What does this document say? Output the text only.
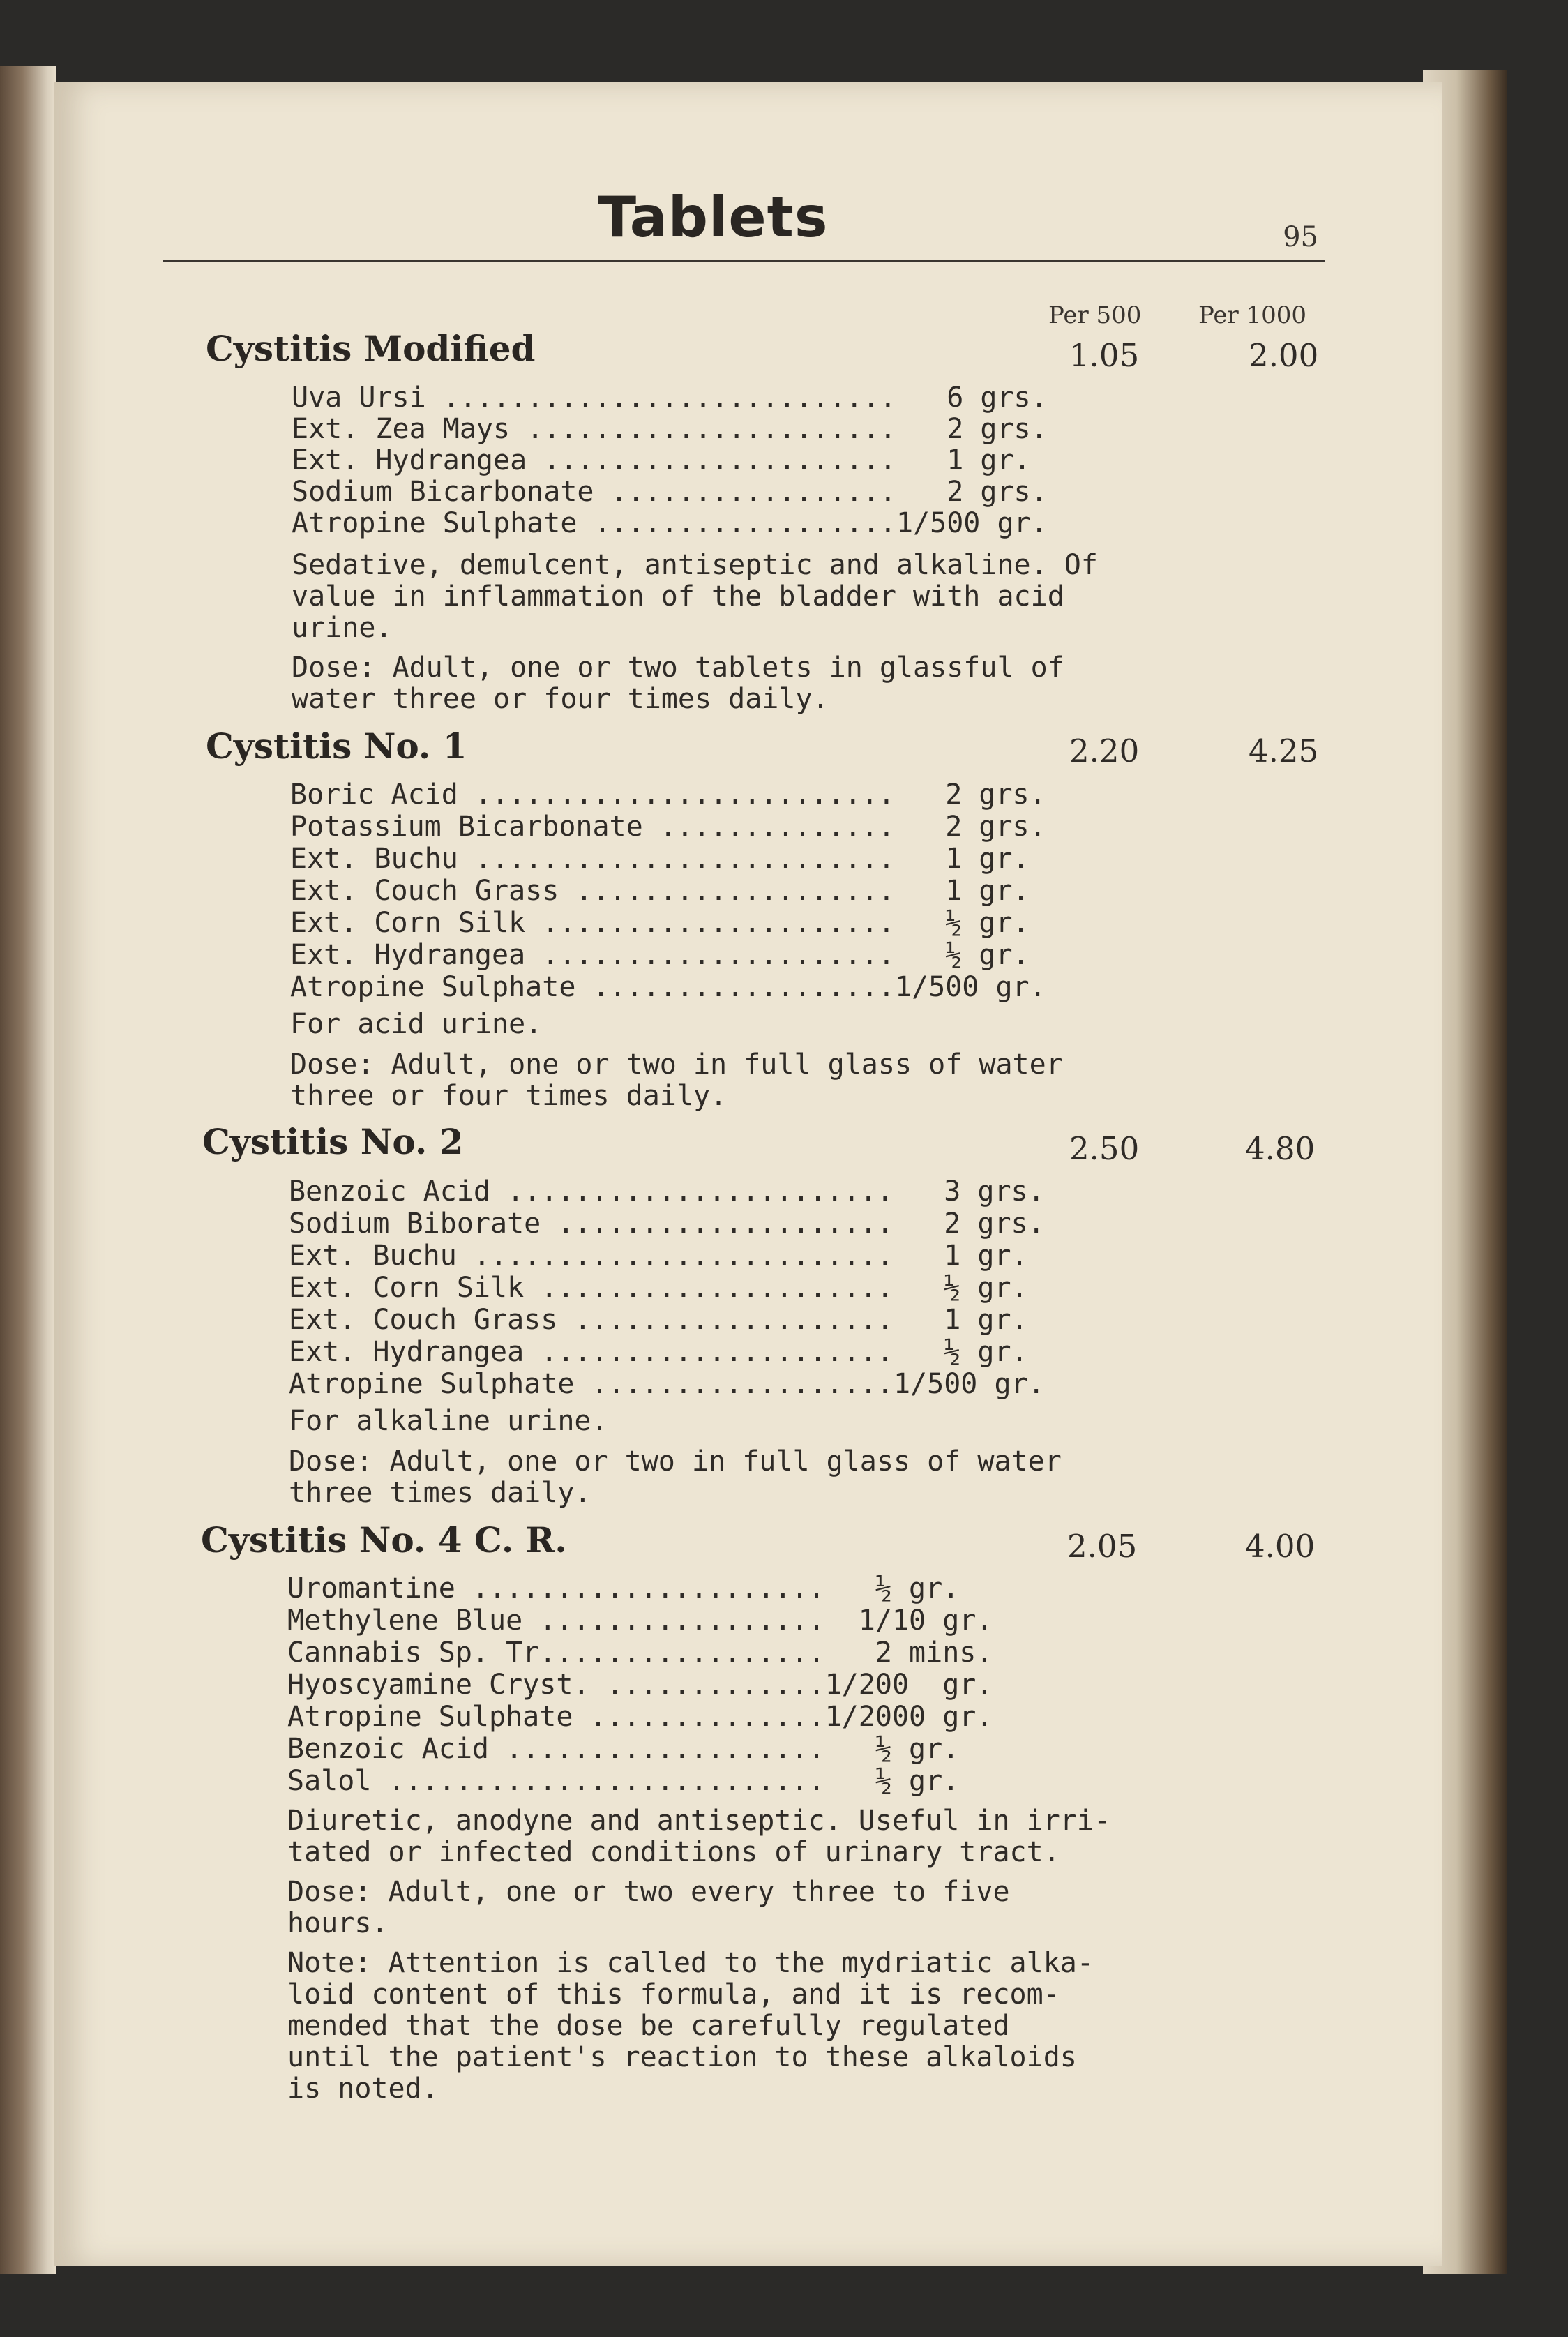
Tablets	95
Per 500 Per 1000
Cystitis Modified	1.05	2.00
Uva Ursi ...........................   6 grs.
Ext. Zea Mays ......................   2 grs.
Ext. Hydrangea .....................   1 gr.
Sodium Bicarbonate .................   2 grs.
Atropine Sulphate ..................1/500 gr.
Sedative, demulcent, antiseptic and alkaline. Of
value in inflammation of the bladder with acid
urine.
Dose: Adult, one or two tablets in glassful of
water three or four times daily.
Cystitis No. 1	2.20	4.25
Boric Acid .........................   2 grs.
Potassium Bicarbonate ..............   2 grs.
Ext. Buchu .........................   1 gr.
Ext. Couch Grass ...................   1 gr.
Ext. Corn Silk .....................   ½ gr.
Ext. Hydrangea .....................   ½ gr.
Atropine Sulphate ..................1/500 gr.
For acid urine.
Dose: Adult, one or two in full glass of water
three or four times daily.
Cystitis No. 2	2.50	4.80
Benzoic Acid .......................   3 grs.
Sodium Biborate ....................   2 grs.
Ext. Buchu .........................   1 gr.
Ext. Corn Silk .....................   ½ gr.
Ext. Couch Grass ...................   1 gr.
Ext. Hydrangea .....................   ½ gr.
Atropine Sulphate ..................1/500 gr.
For alkaline urine.
Dose: Adult, one or two in full glass of water
three times daily.
Cystitis No. 4 C. R.	2.05	4.00
Uromantine .....................   ½ gr.
Methylene Blue .................  1/10 gr.
Cannabis Sp. Tr.................   2 mins.
Hyoscyamine Cryst. .............1/200  gr.
Atropine Sulphate ..............1/2000 gr.
Benzoic Acid ...................   ½ gr.
Salol ..........................   ½ gr.
Diuretic, anodyne and antiseptic. Useful in irri-
tated or infected conditions of urinary tract.
Dose: Adult, one or two every three to five
hours.
Note: Attention is called to the mydriatic alka-
loid content of this formula, and it is recom-
mended that the dose be carefully regulated
until the patient's reaction to these alkaloids
is noted.
